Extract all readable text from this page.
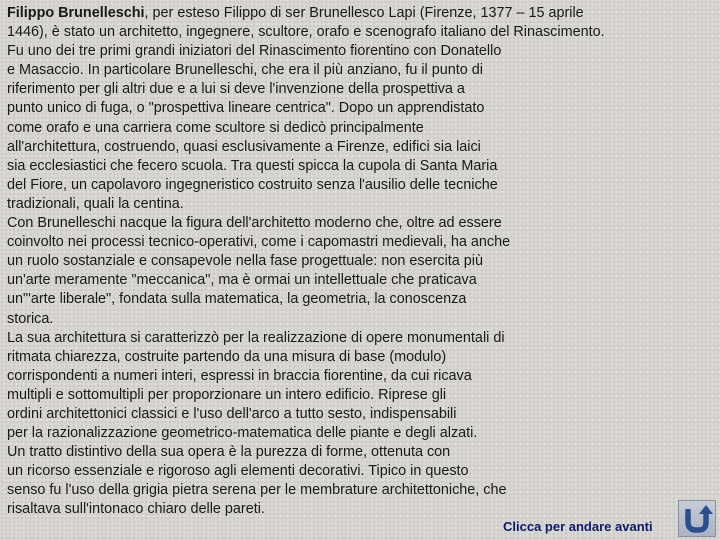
Filippo Brunelleschi, per esteso Filippo di ser Brunellesco Lapi (Firenze, 1377 – 15 aprile
1446), è stato un architetto, ingegnere, scultore, orafo e scenografo italiano del Rinascimento.
Fu uno dei tre primi grandi iniziatori del Rinascimento fiorentino con Donatello
e Masaccio. In particolare Brunelleschi, che era il più anziano, fu il punto di
riferimento per gli altri due e a lui si deve l'invenzione della prospettiva a
punto unico di fuga, o "prospettiva lineare centrica". Dopo un apprendistato
come orafo e una carriera come scultore si dedicò principalmente
all'architettura, costruendo, quasi esclusivamente a Firenze, edifici sia laici
sia ecclesiastici che fecero scuola. Tra questi spicca la cupola di Santa Maria
del Fiore, un capolavoro ingegneristico costruito senza l'ausilio delle tecniche
tradizionali, quali la centina.
Con Brunelleschi nacque la figura dell'architetto moderno che, oltre ad essere
coinvolto nei processi tecnico-operativi, come i capomastri medievali, ha anche
un ruolo sostanziale e consapevole nella fase progettuale: non esercita più
un'arte meramente "meccanica", ma è ormai un intellettuale che praticava
un"'arte liberale", fondata sulla matematica, la geometria, la conoscenza
storica.
La sua architettura si caratterizzò per la realizzazione di opere monumentali di
ritmata chiarezza, costruite partendo da una misura di base (modulo)
corrispondenti a numeri interi, espressi in braccia fiorentine, da cui ricava
multipli e sottomultipli per proporzionare un intero edificio. Riprese gli
ordini architettonici classici e l'uso dell'arco a tutto sesto, indispensabili
per la razionalizzazione geometrico-matematica delle piante e degli alzati.
Un tratto distintivo della sua opera è la purezza di forme, ottenuta con
un ricorso essenziale e rigoroso agli elementi decorativi. Tipico in questo
senso fu l'uso della grigia pietra serena per le membrature architettoniche, che
risaltava sull'intonaco chiaro delle pareti.
Clicca per andare avanti
